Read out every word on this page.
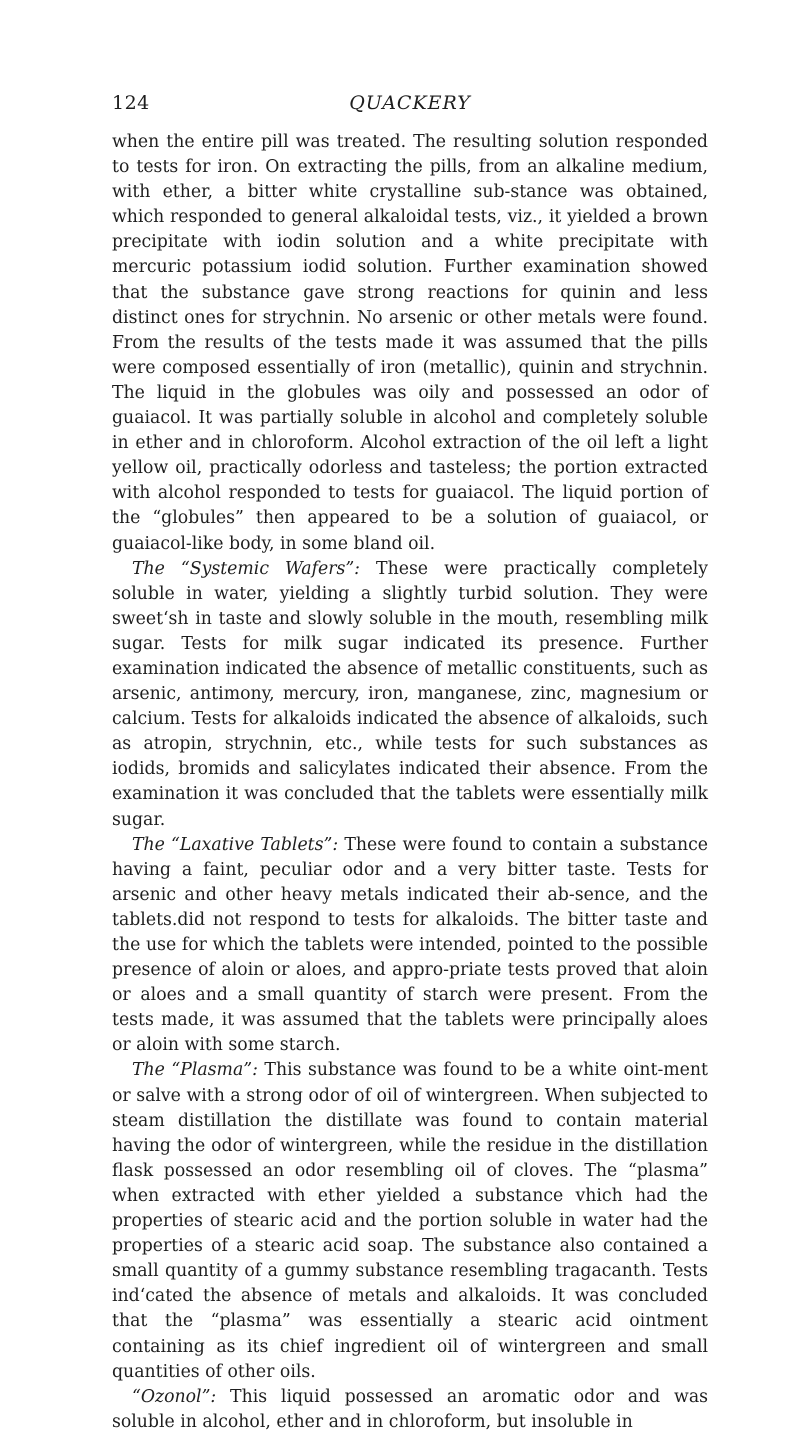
124	QUACKERY

when the entire pill was treated. The resulting solution responded to tests for iron. On extracting the pills, from an alkaline medium, with ether, a bitter white crystalline sub-stance was obtained, which responded to general alkaloidal tests, viz., it yielded a brown precipitate with iodin solution and a white precipitate with mercuric potassium iodid solution. Further examination showed that the substance gave strong reactions for quinin and less distinct ones for strychnin. No arsenic or other metals were found. From the results of the tests made it was assumed that the pills were composed essentially of iron (metallic), quinin and strychnin. The liquid in the globules was oily and possessed an odor of guaiacol. It was partially soluble in alcohol and completely soluble in ether and in chloroform. Alcohol extraction of the oil left a light yellow oil, practically odorless and tasteless; the portion extracted with alcohol responded to tests for guaiacol. The liquid portion of the “globules” then appeared to be a solution of guaiacol, or guaiacol-like body, in some bland oil.

The “Systemic Wafers”: These were practically completely soluble in water, yielding a slightly turbid solution. They were sweet‘sh in taste and slowly soluble in the mouth, resembling milk sugar. Tests for milk sugar indicated its presence. Further examination indicated the absence of metallic constituents, such as arsenic, antimony, mercury, iron, manganese, zinc, magnesium or calcium. Tests for alkaloids indicated the absence of alkaloids, such as atropin, strychnin, etc., while tests for such substances as iodids, bromids and salicylates indicated their absence. From the examination it was concluded that the tablets were essentially milk sugar.

The “Laxative Tablets”: These were found to contain a substance having a faint, peculiar odor and a very bitter taste. Tests for arsenic and other heavy metals indicated their ab-sence, and the tablets.did not respond to tests for alkaloids. The bitter taste and the use for which the tablets were intended, pointed to the possible presence of aloin or aloes, and appro-priate tests proved that aloin or aloes and a small quantity of starch were present. From the tests made, it was assumed that the tablets were principally aloes or aloin with some starch.

The “Plasma”: This substance was found to be a white oint-ment or salve with a strong odor of oil of wintergreen. When subjected to steam distillation the distillate was found to contain material having the odor of wintergreen, while the residue in the distillation flask possessed an odor resembling oil of cloves. The “plasma” when extracted with ether yielded a substance vhich had the properties of stearic acid and the portion soluble in water had the properties of a stearic acid soap. The substance also contained a small quantity of a gummy substance resembling tragacanth. Tests ind‘cated the absence of metals and alkaloids. It was concluded that the “plasma” was essentially a stearic acid ointment containing as its chief ingredient oil of wintergreen and small quantities of other oils.

“Ozonol”: This liquid possessed an aromatic odor and was soluble in alcohol, ether and in chloroform, but insoluble in
